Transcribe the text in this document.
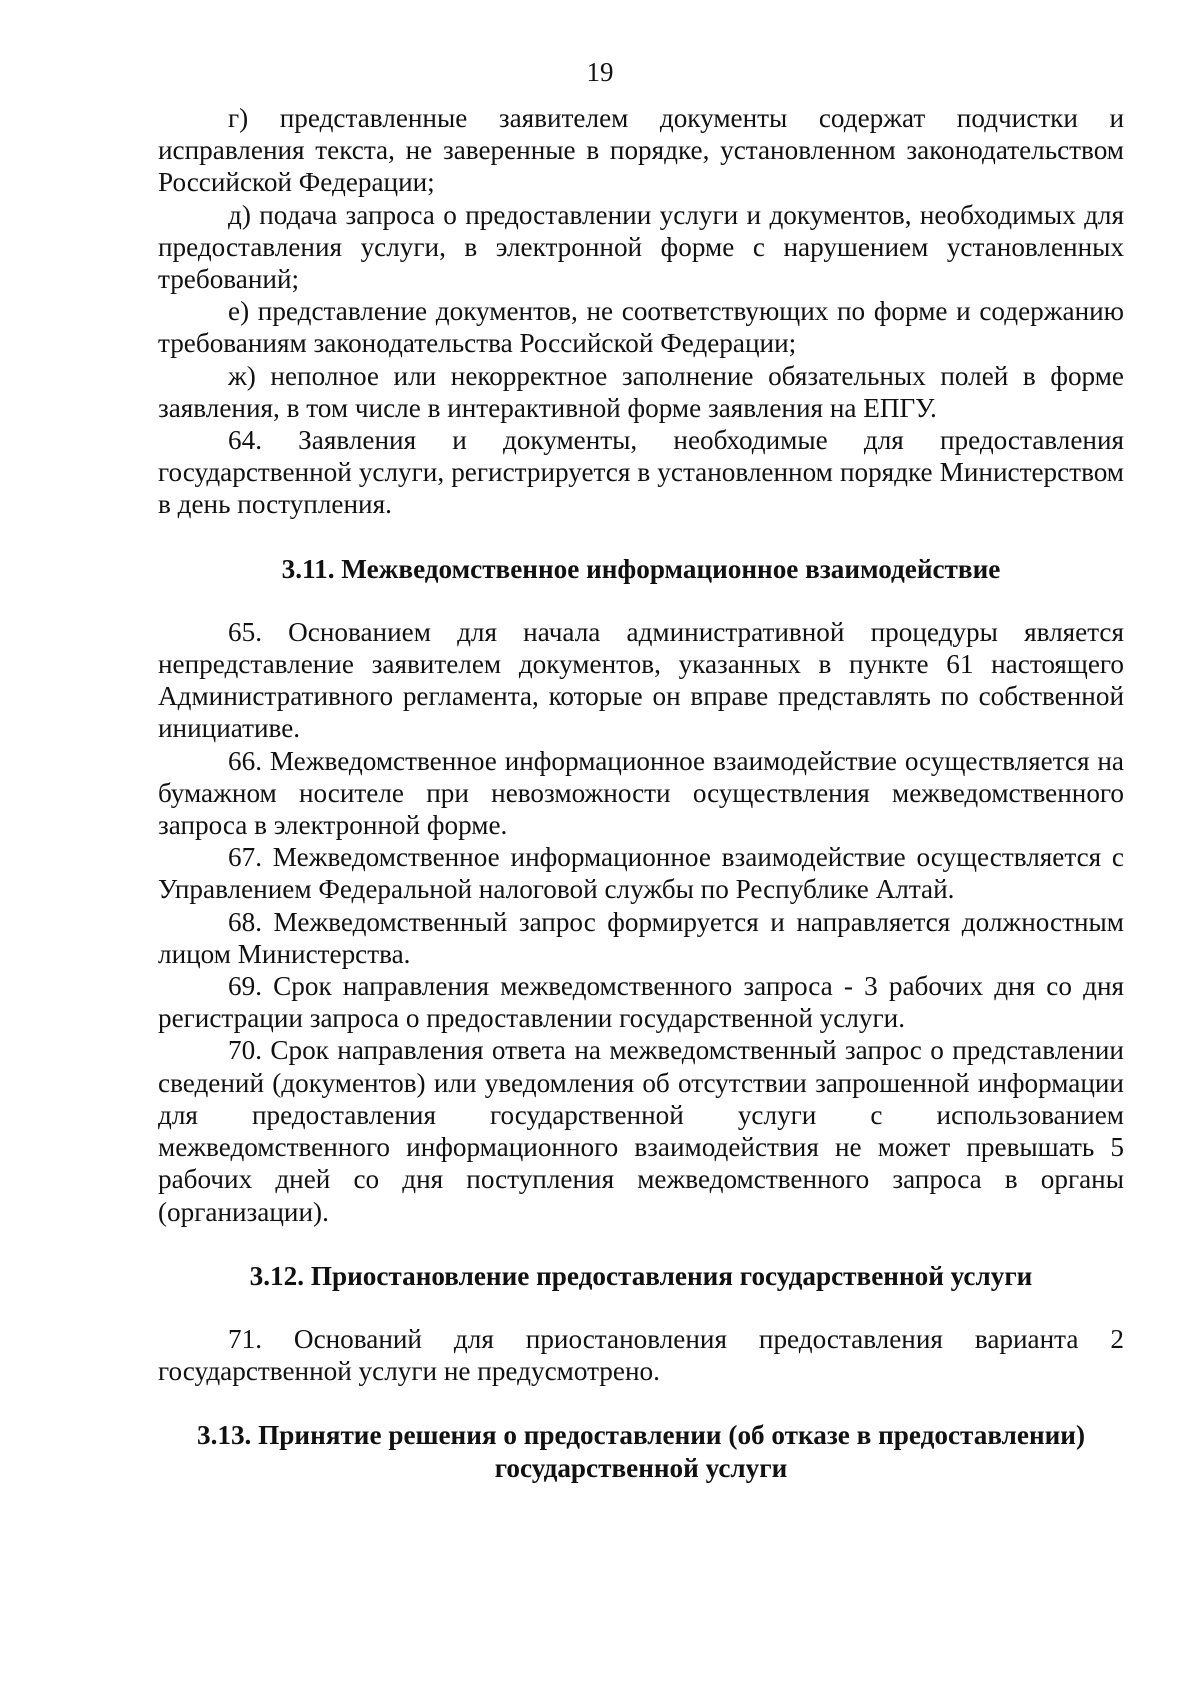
19

г) представленные заявителем документы содержат подчистки и исправления текста, не заверенные в порядке, установленном законодательством Российской Федерации;

д) подача запроса о предоставлении услуги и документов, необходимых для предоставления услуги, в электронной форме с нарушением установленных требований;

е) представление документов, не соответствующих по форме и содержанию требованиям законодательства Российской Федерации;

ж) неполное или некорректное заполнение обязательных полей в форме заявления, в том числе в интерактивной форме заявления на ЕПГУ.

64. Заявления и документы, необходимые для предоставления государственной услуги, регистрируется в установленном порядке Министерством в день поступления.

3.11. Межведомственное информационное взаимодействие

65. Основанием для начала административной процедуры является непредставление заявителем документов, указанных в пункте 61 настоящего Административного регламента, которые он вправе представлять по собственной инициативе.

66. Межведомственное информационное взаимодействие осуществляется на бумажном носителе при невозможности осуществления межведомственного запроса в электронной форме.

67. Межведомственное информационное взаимодействие осуществляется с Управлением Федеральной налоговой службы по Республике Алтай.

68. Межведомственный запрос формируется и направляется должностным лицом Министерства.

69. Срок направления межведомственного запроса - 3 рабочих дня со дня регистрации запроса о предоставлении государственной услуги.

70. Срок направления ответа на межведомственный запрос о представлении сведений (документов) или уведомления об отсутствии запрошенной информации для предоставления государственной услуги с использованием межведомственного информационного взаимодействия не может превышать 5 рабочих дней со дня поступления межведомственного запроса в органы (организации).

3.12. Приостановление предоставления государственной услуги

71. Оснований для приостановления предоставления варианта 2 государственной услуги не предусмотрено.

3.13. Принятие решения о предоставлении (об отказе в предоставлении)
государственной услуги
